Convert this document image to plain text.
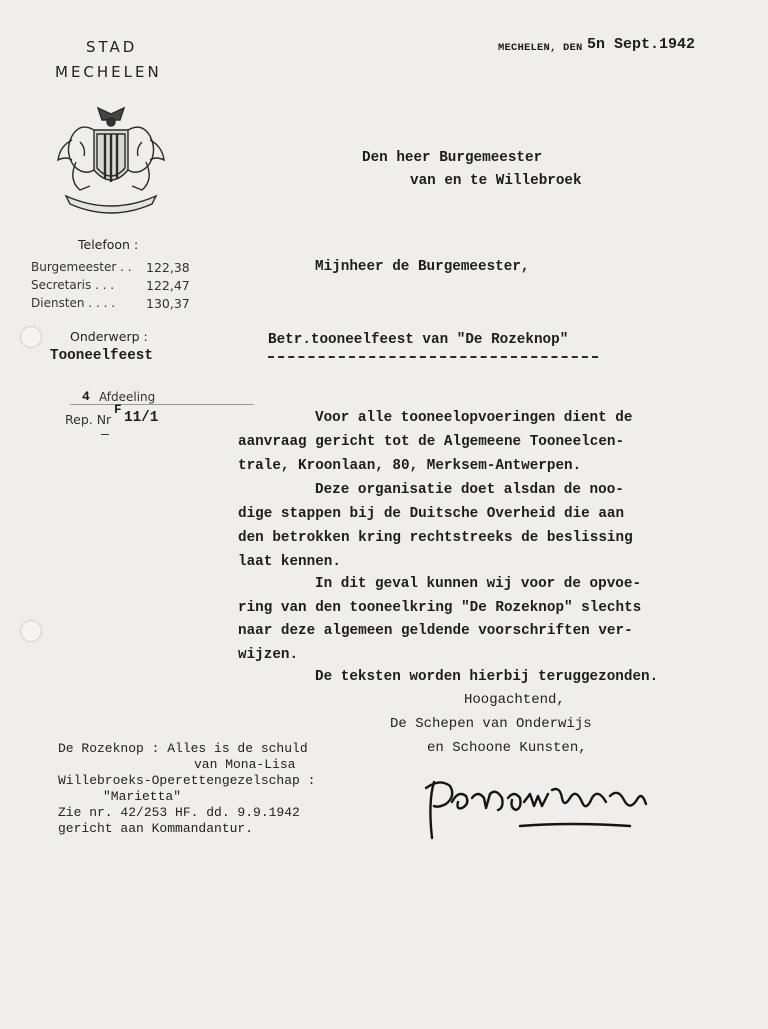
STAD
MECHELEN
Telefoon :
Burgemeester . . 122,38
Secretaris . . .	122,47
Diensten . . . . 130,37
Onderwerp :
Tooneelfeest
4 Afdeeling
Rep. Nr
F 11/1
—
MECHELEN, DEN 5n Sept.1942
Den heer Burgemeester
van en te Willebroek
Mijnheer de Burgemeester,
Betr.tooneelfeest van "De Rozeknop"
Voor alle tooneelopvoeringen dient de
aanvraag gericht tot de Algemeene Tooneelcen-
trale, Kroonlaan, 80, Merksem-Antwerpen.
Deze organisatie doet alsdan de noo-
dige stappen bij de Duitsche Overheid die aan
den betrokken kring rechtstreeks de beslissing
laat kennen.
In dit geval kunnen wij voor de opvoe-
ring van den tooneelkring "De Rozeknop" slechts
naar deze algemeen geldende voorschriften ver-
wijzen.
De teksten worden hierbij teruggezonden.
Hoogachtend,
De Schepen van Onderwijs
en Schoone Kunsten,
De Rozeknop : Alles is de schuld
van Mona-Lisa
Willebroeks-Operettengezelschap :
"Marietta"
Zie nr. 42/253 HF. dd. 9.9.1942
gericht aan Kommandantur.
